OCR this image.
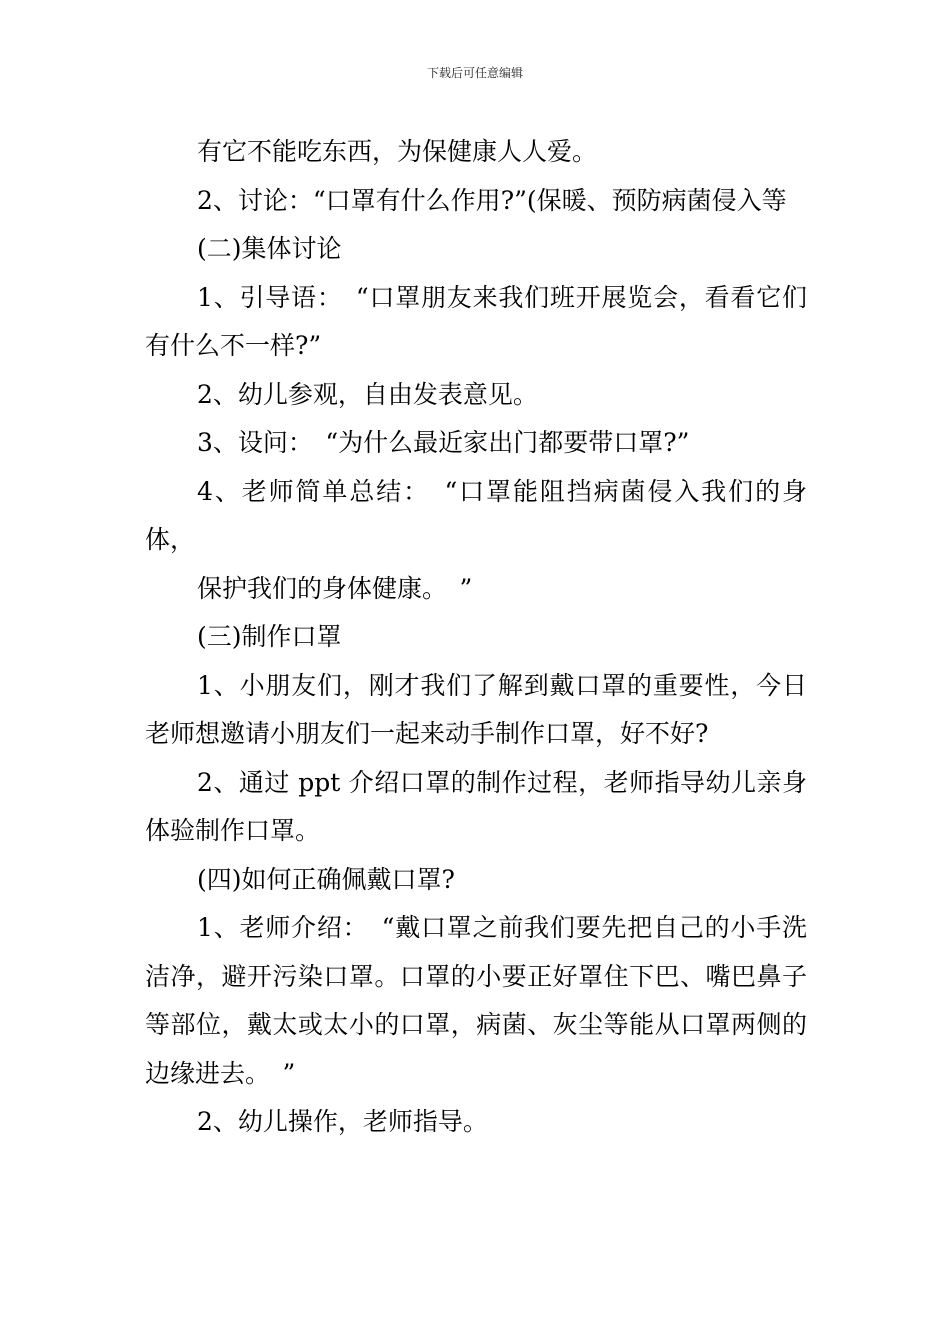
下载后可任意编辑

有它不能吃东西，为保健康人人爱。

2、讨论：“口罩有什么作用?”(保暖、预防病菌侵入等

(二)集体讨论

1、引导语：　“口罩朋友来我们班开展览会，看看它们有什么不一样?”

2、幼儿参观，自由发表意见。

3、设问：　“为什么最近家出门都要带口罩?”

4、老师简单总结：　“口罩能阻挡病菌侵入我们的身体，

保护我们的身体健康。　”

(三)制作口罩

1、小朋友们，刚才我们了解到戴口罩的重要性，今日老师想邀请小朋友们一起来动手制作口罩，好不好?

2、通过 ppt 介绍口罩的制作过程，老师指导幼儿亲身体验制作口罩。

(四)如何正确佩戴口罩?

1、老师介绍：　“戴口罩之前我们要先把自己的小手洗洁净，避开污染口罩。口罩的小要正好罩住下巴、嘴巴鼻子等部位，戴太或太小的口罩，病菌、灰尘等能从口罩两侧的边缘进去。　”

2、幼儿操作，老师指导。
